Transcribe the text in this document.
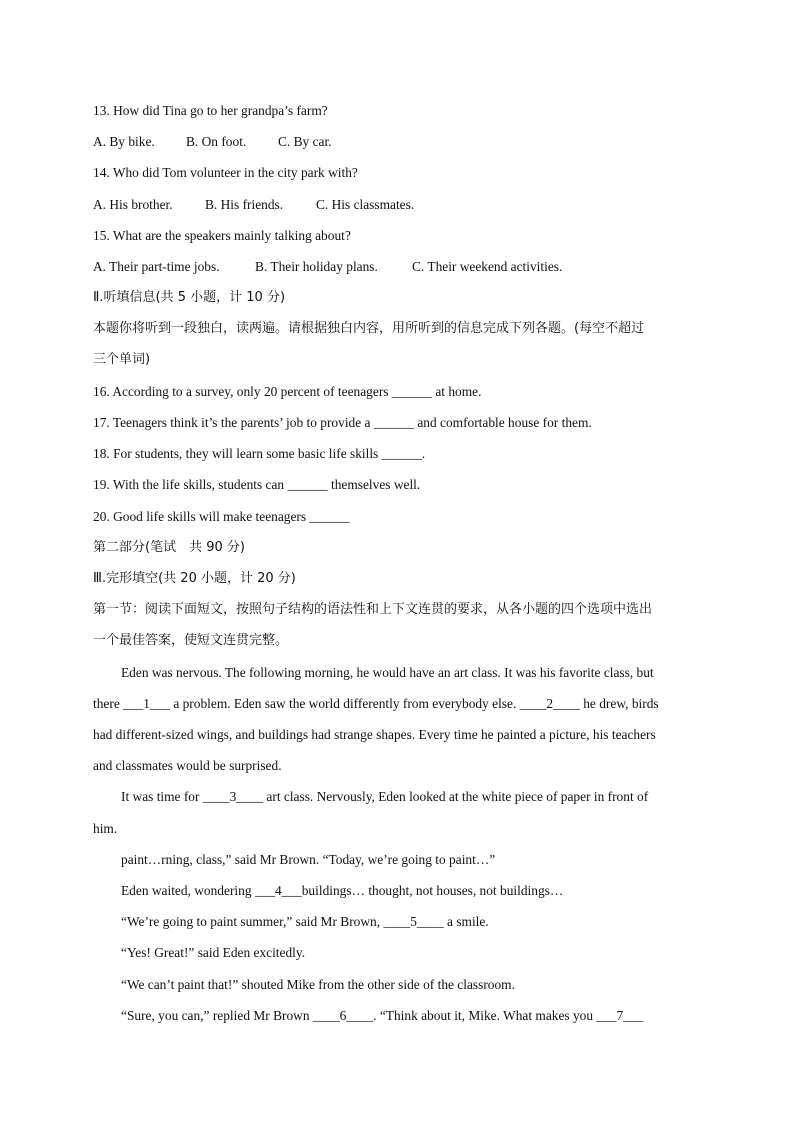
13. How did Tina go to her grandpa’s farm?
A. By bike. B. On foot. C. By car.
14. Who did Tom volunteer in the city park with?
A. His brother. B. His friends. C. His classmates.
15. What are the speakers mainly talking about?
A. Their part-time jobs.	B. Their holiday plans.	C. Their weekend activities.
Ⅱ.听填信息(共 5 小题，计 10 分)
本题你将听到一段独白，读两遍。请根据独白内容，用所听到的信息完成下列各题。(每空不超过
三个单词)
16. According to a survey, only 20 percent of teenagers ______ at home.
17. Teenagers think it’s the parents’ job to provide a ______ and comfortable house for them.
18. For students, they will learn some basic life skills ______.
19. With the life skills, students can ______ themselves well.
20. Good life skills will make teenagers ______
第二部分(笔试　共 90 分)
Ⅲ.完形填空(共 20 小题，计 20 分)
第一节：阅读下面短文，按照句子结构的语法性和上下文连贯的要求，从各小题的四个选项中选出
一个最佳答案，使短文连贯完整。
Eden was nervous. The following morning, he would have an art class. It was his favorite class, but
there ___1___ a problem. Eden saw the world differently from everybody else. ____2____ he drew, birds
had different-sized wings, and buildings had strange shapes. Every time he painted a picture, his teachers
and classmates would be surprised.
It was time for ____3____ art class. Nervously, Eden looked at the white piece of paper in front of
him.
paint…rning, class,” said Mr Brown. “Today, we’re going to paint…”
Eden waited, wondering ___4___buildings… thought, not houses, not buildings…
“We’re going to paint summer,” said Mr Brown, ____5____ a smile.
“Yes! Great!” said Eden excitedly.
“We can’t paint that!” shouted Mike from the other side of the classroom.
“Sure, you can,” replied Mr Brown ____6____. “Think about it, Mike. What makes you ___7___
